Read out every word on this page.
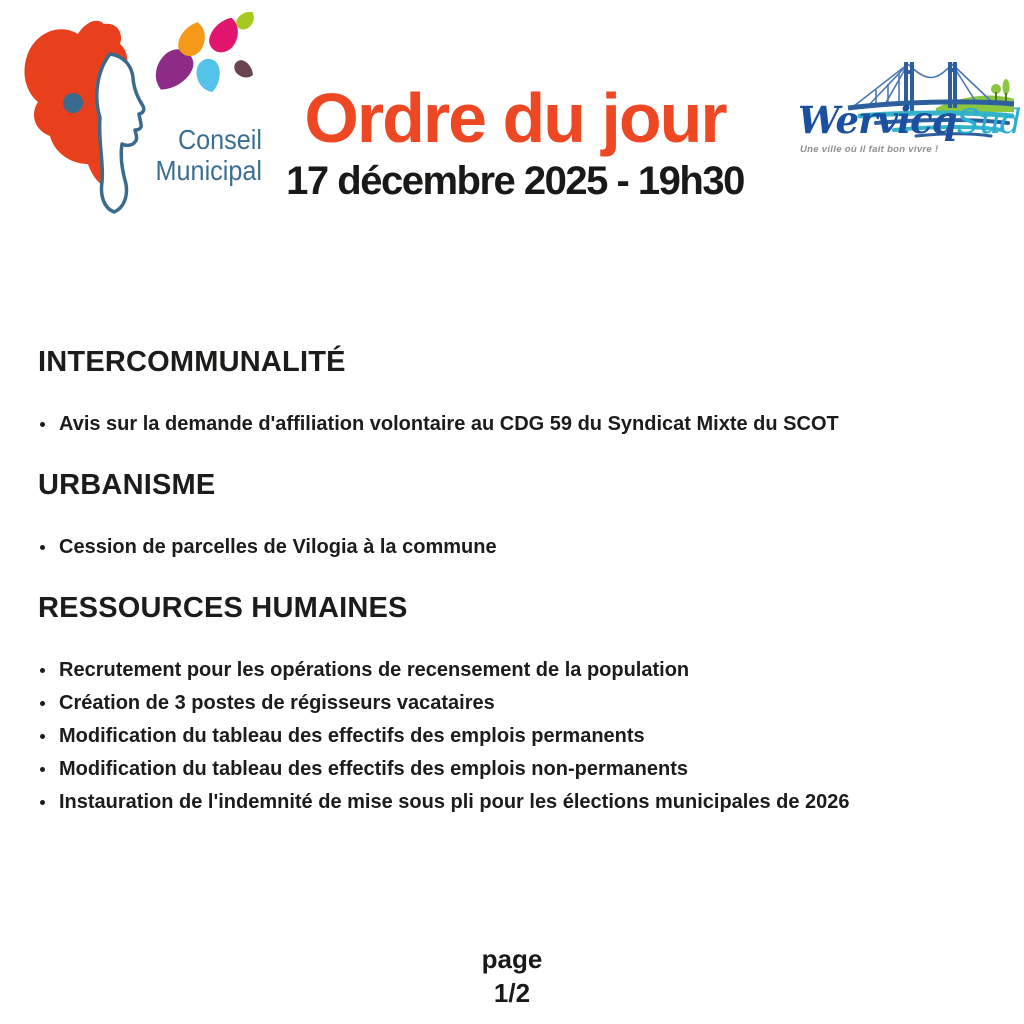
Conseil
Municipal
Ordre du jour
17 décembre 2025 - 19h30
WervicqSud
Une ville où il fait bon vivre !
INTERCOMMUNALITÉ
Avis sur la demande d'affiliation volontaire au CDG 59 du Syndicat Mixte du SCOT
URBANISME
Cession de parcelles de Vilogia à la commune
RESSOURCES HUMAINES
Recrutement pour les opérations de recensement de la population
Création de 3 postes de régisseurs vacataires
Modification du tableau des effectifs des emplois permanents
Modification du tableau des effectifs des emplois non-permanents
Instauration de l'indemnité de mise sous pli pour les élections municipales de 2026
page
1/2
